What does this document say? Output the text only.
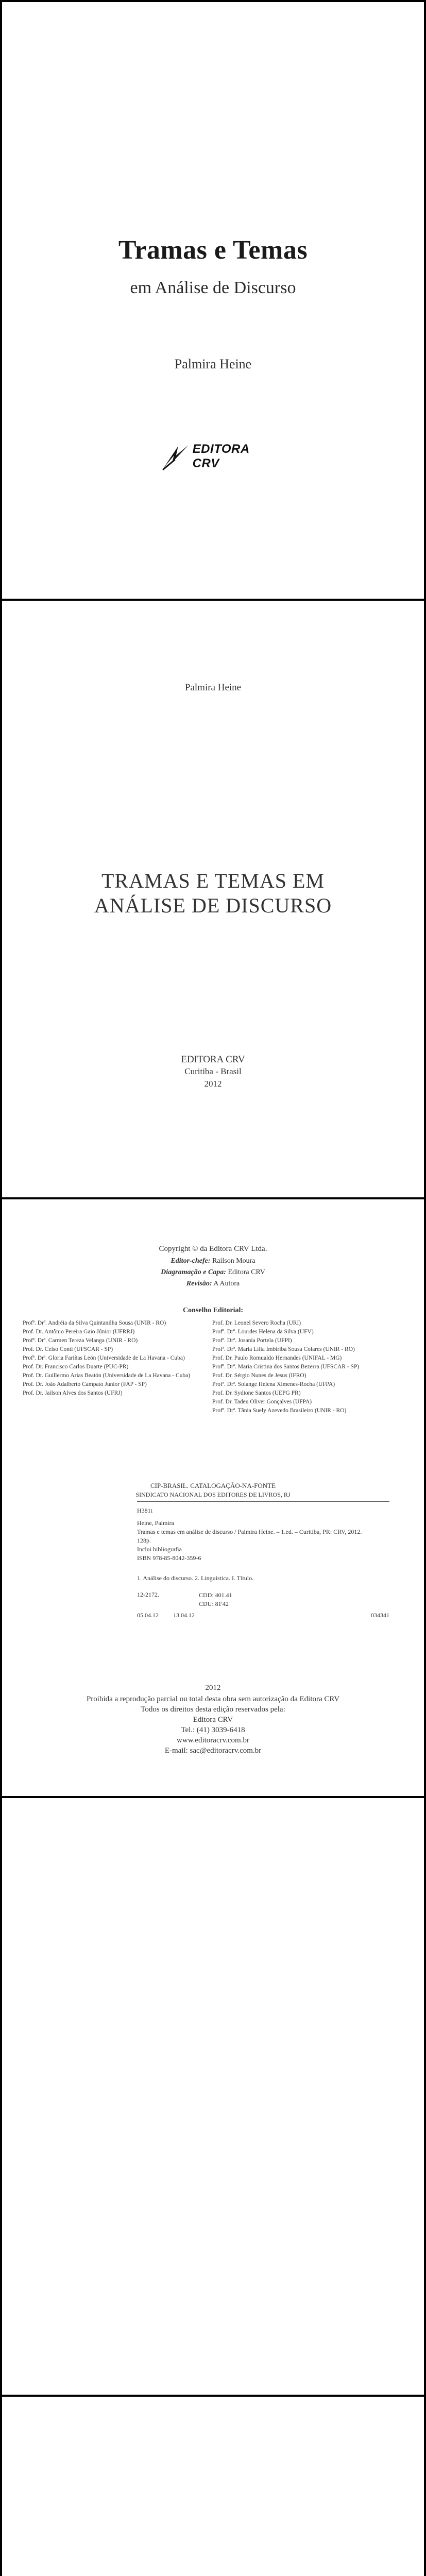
Tramas e Temas
em Análise de Discurso
Palmira Heine
EDITORA CRV
Palmira Heine
TRAMAS E TEMAS EM
ANÁLISE DE DISCURSO
EDITORA CRV
Curitiba - Brasil
2012
Copyright © da Editora CRV Ltda.
Editor-chefe: Railson Moura
Diagramação e Capa: Editora CRV
Revisão: A Autora
Conselho Editorial:
Profª. Drª. Andréia da Silva Quintanilha Sousa (UNIR - RO)
Prof. Dr. Antônio Pereira Gaio Júnior (UFRRJ)
Profª. Drª. Carmen Tereza Velanga (UNIR - RO)
Prof. Dr. Celso Conti (UFSCAR - SP)
Profª. Drª. Gloria Fariñas León (Universidade de La Havana - Cuba)
Prof. Dr. Francisco Carlos Duarte (PUC-PR)
Prof. Dr. Guillermo Arias Beatón (Universidade de La Havana - Cuba)
Prof. Dr. João Adalberto Campato Junior (FAP - SP)
Prof. Dr. Jailson Alves dos Santos (UFRJ)
Prof. Dr. Leonel Severo Rocha (URI)
Profª. Drª. Lourdes Helena da Silva (UFV)
Profª. Drª. Josania Portela (UFPI)
Profª. Drª. Maria Lília Imbiriba Sousa Colares (UNIR - RO)
Prof. Dr. Paulo Romualdo Hernandes (UNIFAL - MG)
Profª. Drª. Maria Cristina dos Santos Bezerra (UFSCAR - SP)
Prof. Dr. Sérgio Nunes de Jesus (IFRO)
Profª. Drª. Solange Helena Ximenes-Rocha (UFPA)
Prof. Dr. Sydione Santos (UEPG PR)
Prof. Dr. Tadeu Oliver Gonçalves (UFPA)
Profª. Drª. Tânia Suely Azevedo Brasileiro (UNIR - RO)
CIP-BRASIL. CATALOGAÇÃO-NA-FONTE
SINDICATO NACIONAL DOS EDITORES DE LIVROS, RJ
H381t
Heine, Palmira
Tramas e temas em análise de discurso / Palmira Heine. – 1.ed. – Curitiba, PR: CRV, 2012.
128p.
Inclui bibliografia
ISBN 978-85-8042-359-6
1. Análise do discurso. 2. Linguística. I. Título.
12-2172.	CDD: 401.41
CDU: 81'42
05.04.12 13.04.12	034341
2012
Proibida a reprodução parcial ou total desta obra sem autorização da Editora CRV
Todos os direitos desta edição reservados pela:
Editora CRV
Tel.: (41) 3039-6418
www.editoracrv.com.br
E-mail: sac@editoracrv.com.br
